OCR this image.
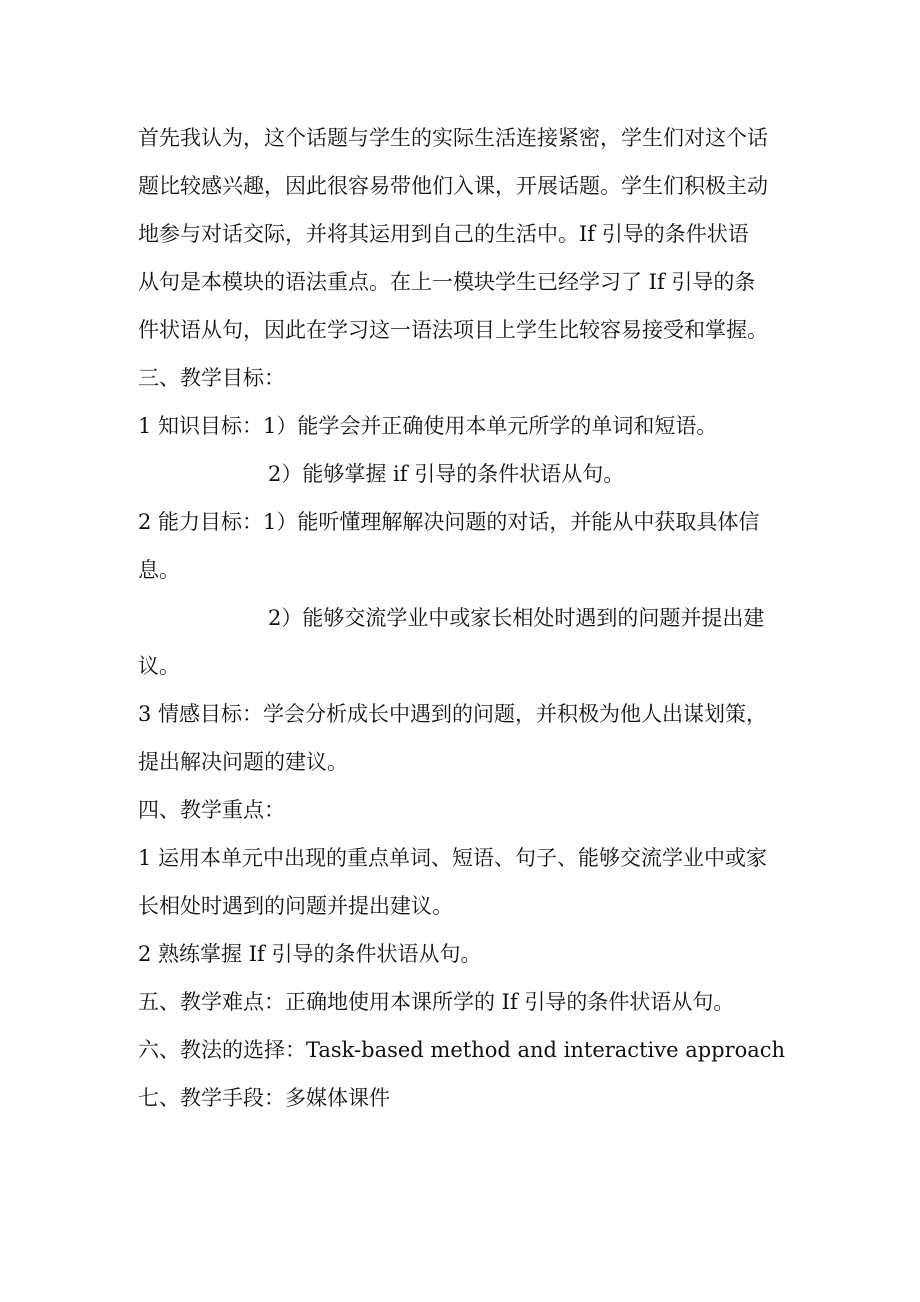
首先我认为，这个话题与学生的实际生活连接紧密，学生们对这个话

题比较感兴趣，因此很容易带他们入课，开展话题。学生们积极主动

地参与对话交际，并将其运用到自己的生活中。If 引导的条件状语

从句是本模块的语法重点。在上一模块学生已经学习了 If 引导的条

件状语从句，因此在学习这一语法项目上学生比较容易接受和掌握。

三、教学目标：

1 知识目标：1）能学会并正确使用本单元所学的单词和短语。

2）能够掌握 if 引导的条件状语从句。

2 能力目标：1）能听懂理解解决问题的对话，并能从中获取具体信

息。

2）能够交流学业中或家长相处时遇到的问题并提出建

议。

3 情感目标：学会分析成长中遇到的问题，并积极为他人出谋划策，

提出解决问题的建议。

四、教学重点：

1 运用本单元中出现的重点单词、短语、句子、能够交流学业中或家

长相处时遇到的问题并提出建议。

2 熟练掌握 If 引导的条件状语从句。

五、教学难点：正确地使用本课所学的 If 引导的条件状语从句。

六、教法的选择：Task-based method and interactive approach

七、教学手段：多媒体课件
